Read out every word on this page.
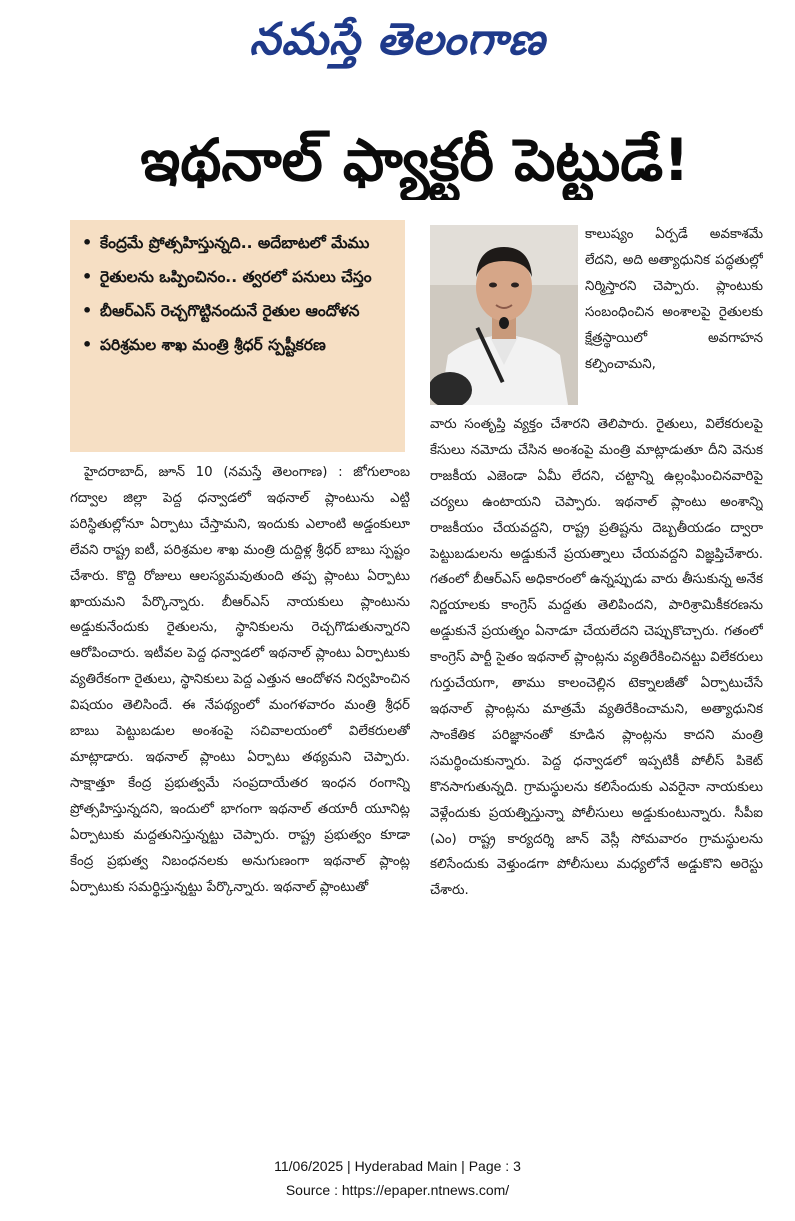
నమస్తే తెలంగాణ
ఇథనాల్ ఫ్యాక్టరీ పెట్టుడే!
• కేంద్రమే ప్రోత్సహిస్తున్నది.. అదేబాటలో మేము
• రైతులను ఒప్పించినం.. త్వరలో పనులు చేస్తం
• బీఆర్ఎస్ రెచ్చగొట్టినందునే రైతుల ఆందోళన
• పరిశ్రమల శాఖ మంత్రి శ్రీధర్ స్పష్టీకరణ

కాలుష్యం ఏర్పడే అవకాశమే లేదని, అది అత్యాధునిక పద్ధతుల్లో నిర్మిస్తారని చెప్పారు. ప్లాంటుకు సంబంధించిన అంశాలపై రైతులకు క్షేత్రస్థాయిలో అవగాహన కల్పించామని,

హైదరాబాద్, జూన్ 10 (నమస్తే తెలంగాణ) : జోగులాంబ గద్వాల జిల్లా పెద్ద ధన్వాడలో ఇథనాల్ ప్లాంటును ఎట్టి పరిస్థితుల్లోనూ ఏర్పాటు చేస్తామని, ఇందుకు ఎలాంటి అడ్డంకులూ లేవని రాష్ట్ర ఐటీ, పరిశ్రమల శాఖ మంత్రి దుద్దిళ్ల శ్రీధర్ బాబు స్పష్టం చేశారు. కొద్ది రోజులు ఆలస్యమవుతుంది తప్ప ప్లాంటు ఏర్పాటు ఖాయమని పేర్కొన్నారు. బీఆర్ఎస్ నాయకులు ప్లాంటును అడ్డుకునేందుకు రైతులను, స్థానికులను రెచ్చగొడుతున్నారని ఆరోపించారు. ఇటీవల పెద్ద ధన్వాడలో ఇథనాల్ ప్లాంటు ఏర్పాటుకు వ్యతిరేకంగా రైతులు, స్థానికులు పెద్ద ఎత్తున ఆందోళన నిర్వహించిన విషయం తెలిసిందే. ఈ నేపథ్యంలో మంగళవారం మంత్రి శ్రీధర్ బాబు పెట్టుబడుల అంశంపై సచివాలయంలో విలేకరులతో మాట్లాడారు. ఇథనాల్ ప్లాంటు ఏర్పాటు తథ్యమని చెప్పారు. సాక్షాత్తూ కేంద్ర ప్రభుత్వమే సంప్రదాయేతర ఇంధన రంగాన్ని ప్రోత్సహిస్తున్నదని, ఇందులో భాగంగా ఇథనాల్ తయారీ యూనిట్ల ఏర్పాటుకు మద్దతునిస్తున్నట్టు చెప్పారు. రాష్ట్ర ప్రభుత్వం కూడా కేంద్ర ప్రభుత్వ నిబంధనలకు అనుగుణంగా ఇథనాల్ ప్లాంట్ల ఏర్పాటుకు సమర్థిస్తున్నట్టు పేర్కొన్నారు. ఇథనాల్ ప్లాంటుతో

వారు సంతృప్తి వ్యక్తం చేశారని తెలిపారు. రైతులు, విలేకరులపై కేసులు నమోదు చేసిన అంశంపై మంత్రి మాట్లాడుతూ దీని వెనుక రాజకీయ ఎజెండా ఏమీ లేదని, చట్టాన్ని ఉల్లంఘించినవారిపై చర్యలు ఉంటాయని చెప్పారు. ఇథనాల్ ప్లాంటు అంశాన్ని రాజకీయం చేయవద్దని, రాష్ట్ర ప్రతిష్టను దెబ్బతీయడం ద్వారా పెట్టుబడులను అడ్డుకునే ప్రయత్నాలు చేయవద్దని విజ్ఞప్తిచేశారు. గతంలో బీఆర్ఎస్ అధికారంలో ఉన్నప్పుడు వారు తీసుకున్న అనేక నిర్ణయాలకు కాంగ్రెస్ మద్దతు తెలిపిందని, పారిశ్రామికీకరణను అడ్డుకునే ప్రయత్నం ఏనాడూ చేయలేదని చెప్పుకొచ్చారు. గతంలో కాంగ్రెస్ పార్టీ సైతం ఇథనాల్ ప్లాంట్లను వ్యతిరేకించినట్టు విలేకరులు గుర్తుచేయగా, తాము కాలంచెల్లిన టెక్నాలజీతో ఏర్పాటుచేసే ఇథనాల్ ప్లాంట్లను మాత్రమే వ్యతిరేకించామని, అత్యాధునిక సాంకేతిక పరిజ్ఞానంతో కూడిన ప్లాంట్లను కాదని మంత్రి సమర్థించుకున్నారు. పెద్ద ధన్వాడలో ఇప్పటికీ పోలీస్ పికెట్ కొనసాగుతున్నది. గ్రామస్థులను కలిసేందుకు ఎవరైనా నాయకులు వెళ్లేందుకు ప్రయత్నిస్తున్నా పోలీసులు అడ్డుకుంటున్నారు. సీపీఐ (ఎం) రాష్ట్ర కార్యదర్శి జాన్ వెస్లీ సోమవారం గ్రామస్థులను కలిసేందుకు వెళ్తుండగా పోలీసులు మధ్యలోనే అడ్డుకొని అరెస్టు చేశారు.

11/06/2025 | Hyderabad Main | Page : 3
Source : https://epaper.ntnews.com/
